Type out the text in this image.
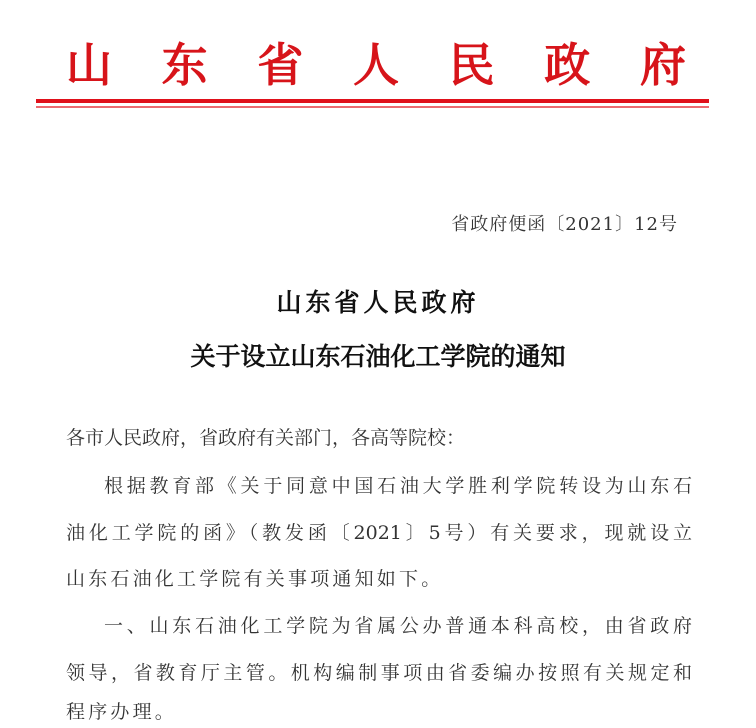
山 东 省 人 民 政 府
省政府便函〔2021〕12号
山东省人民政府
关于设立山东石油化工学院的通知
各市人民政府，省政府有关部门，各高等院校：
根据教育部《关于同意中国石油大学胜利学院转设为山东石
油化工学院的函》（教发函〔2021〕5号）有关要求，现就设立
山东石油化工学院有关事项通知如下。
一、山东石油化工学院为省属公办普通本科高校，由省政府
领导，省教育厅主管。机构编制事项由省委编办按照有关规定和
程序办理。
